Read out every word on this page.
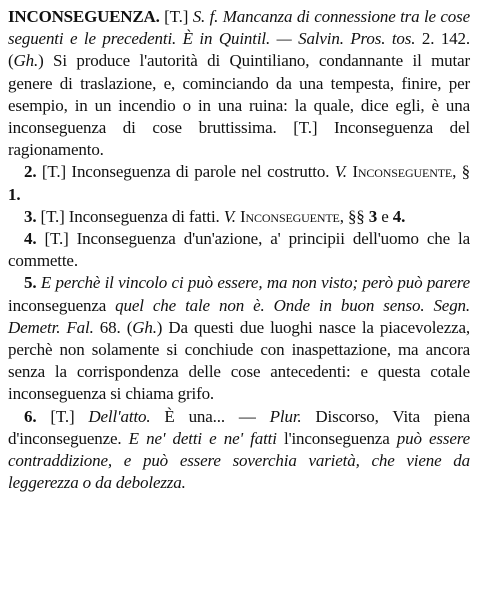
INCONSEGUENZA. [T.] S. f. Mancanza di connessione tra le cose seguenti e le precedenti. È in Quintil. — Salvin. Pros. tos. 2. 142. (Gh.) Si produce l'autorità di Quintiliano, condannante il mutar genere di traslazione, e, cominciando da una tempesta, finire, per esempio, in un incendio o in una ruina: la quale, dice egli, è una inconseguenza di cose bruttissima. [T.] Inconseguenza del ragionamento.

2. [T.] Inconseguenza di parole nel costrutto. V. Inconseguente, § 1.

3. [T.] Inconseguenza di fatti. V. Inconseguente, §§ 3 e 4.

4. [T.] Inconseguenza d'un'azione, a' principii dell'uomo che la commette.

5. E perchè il vincolo ci può essere, ma non visto; però può parere inconseguenza quel che tale non è. Onde in buon senso. Segn. Demetr. Fal. 68. (Gh.) Da questi due luoghi nasce la piacevolezza, perchè non solamente si conchiude con inaspettazione, ma ancora senza la corrispondenza delle cose antecedenti: e questa cotale inconseguenza si chiama grifo.

6. [T.] Dell'atto. È una... — Plur. Discorso, Vita piena d'inconseguenze. E ne' detti e ne' fatti l'inconseguenza può essere contraddizione, e può essere soverchia varietà, che viene da leggerezza o da debolezza.
